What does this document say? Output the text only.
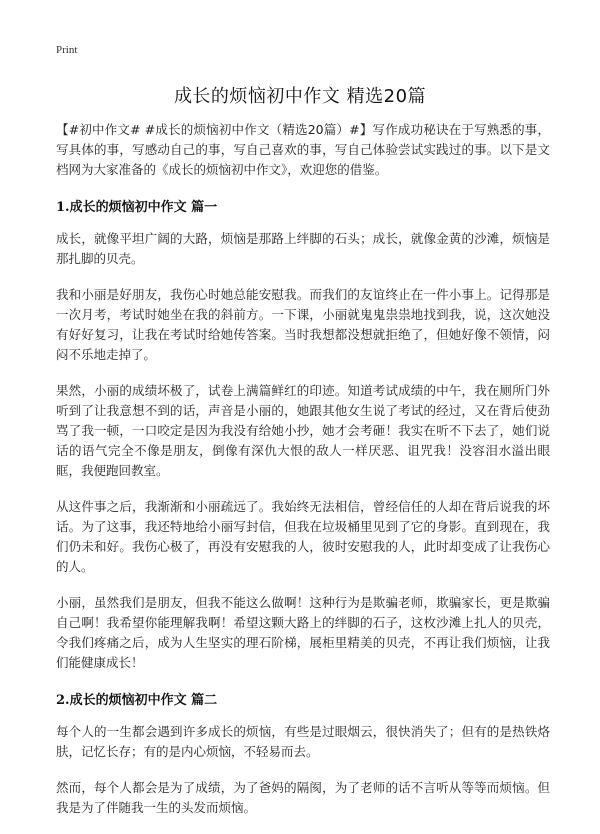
Print
成长的烦恼初中作文 精选20篇

【#初中作文# #成长的烦恼初中作文（精选20篇）#】写作成功秘诀在于写熟悉的事，写具体的事，写感动自己的事，写自己喜欢的事，写自己体验尝试实践过的事。以下是文档网为大家准备的《成长的烦恼初中作文》，欢迎您的借鉴。

1.成长的烦恼初中作文 篇一

成长，就像平坦广阔的大路，烦恼是那路上绊脚的石头；成长，就像金黄的沙滩，烦恼是那扎脚的贝壳。

我和小丽是好朋友，我伤心时她总能安慰我。而我们的友谊终止在一件小事上。记得那是一次月考，考试时她坐在我的斜前方。一下课，小丽就鬼鬼祟祟地找到我，说，这次她没有好好复习，让我在考试时给她传答案。当时我想都没想就拒绝了，但她好像不领情，闷闷不乐地走掉了。

果然，小丽的成绩坏极了，试卷上满篇鲜红的印迹。知道考试成绩的中午，我在厕所门外听到了让我意想不到的话，声音是小丽的，她跟其他女生说了考试的经过，又在背后使劲骂了我一顿，一口咬定是因为我没有给她小抄，她才会考砸！我实在听不下去了，她们说话的语气完全不像是朋友，倒像有深仇大恨的敌人一样厌恶、诅咒我！没容泪水溢出眼眶，我便跑回教室。

从这件事之后，我渐渐和小丽疏远了。我始终无法相信，曾经信任的人却在背后说我的坏话。为了这事，我还特地给小丽写封信，但我在垃圾桶里见到了它的身影。直到现在，我们仍未和好。我伤心极了，再没有安慰我的人，彼时安慰我的人，此时却变成了让我伤心的人。

小丽，虽然我们是朋友，但我不能这么做啊！这种行为是欺骗老师，欺骗家长，更是欺骗自己啊！我希望你能理解我啊！希望这颗大路上的绊脚的石子，这枚沙滩上扎人的贝壳，令我们疼痛之后，成为人生坚实的理石阶梯，展柜里精美的贝壳，不再让我们烦恼，让我们能健康成长！

2.成长的烦恼初中作文 篇二

每个人的一生都会遇到许多成长的烦恼，有些是过眼烟云，很快消失了；但有的是热铁烙肤，记忆长存；有的是内心烦恼，不轻易而去。

然而，每个人都会是为了成绩，为了爸妈的隔阂，为了老师的话不言听从等等而烦恼。但我是为了伴随我一生的头发而烦恼。
